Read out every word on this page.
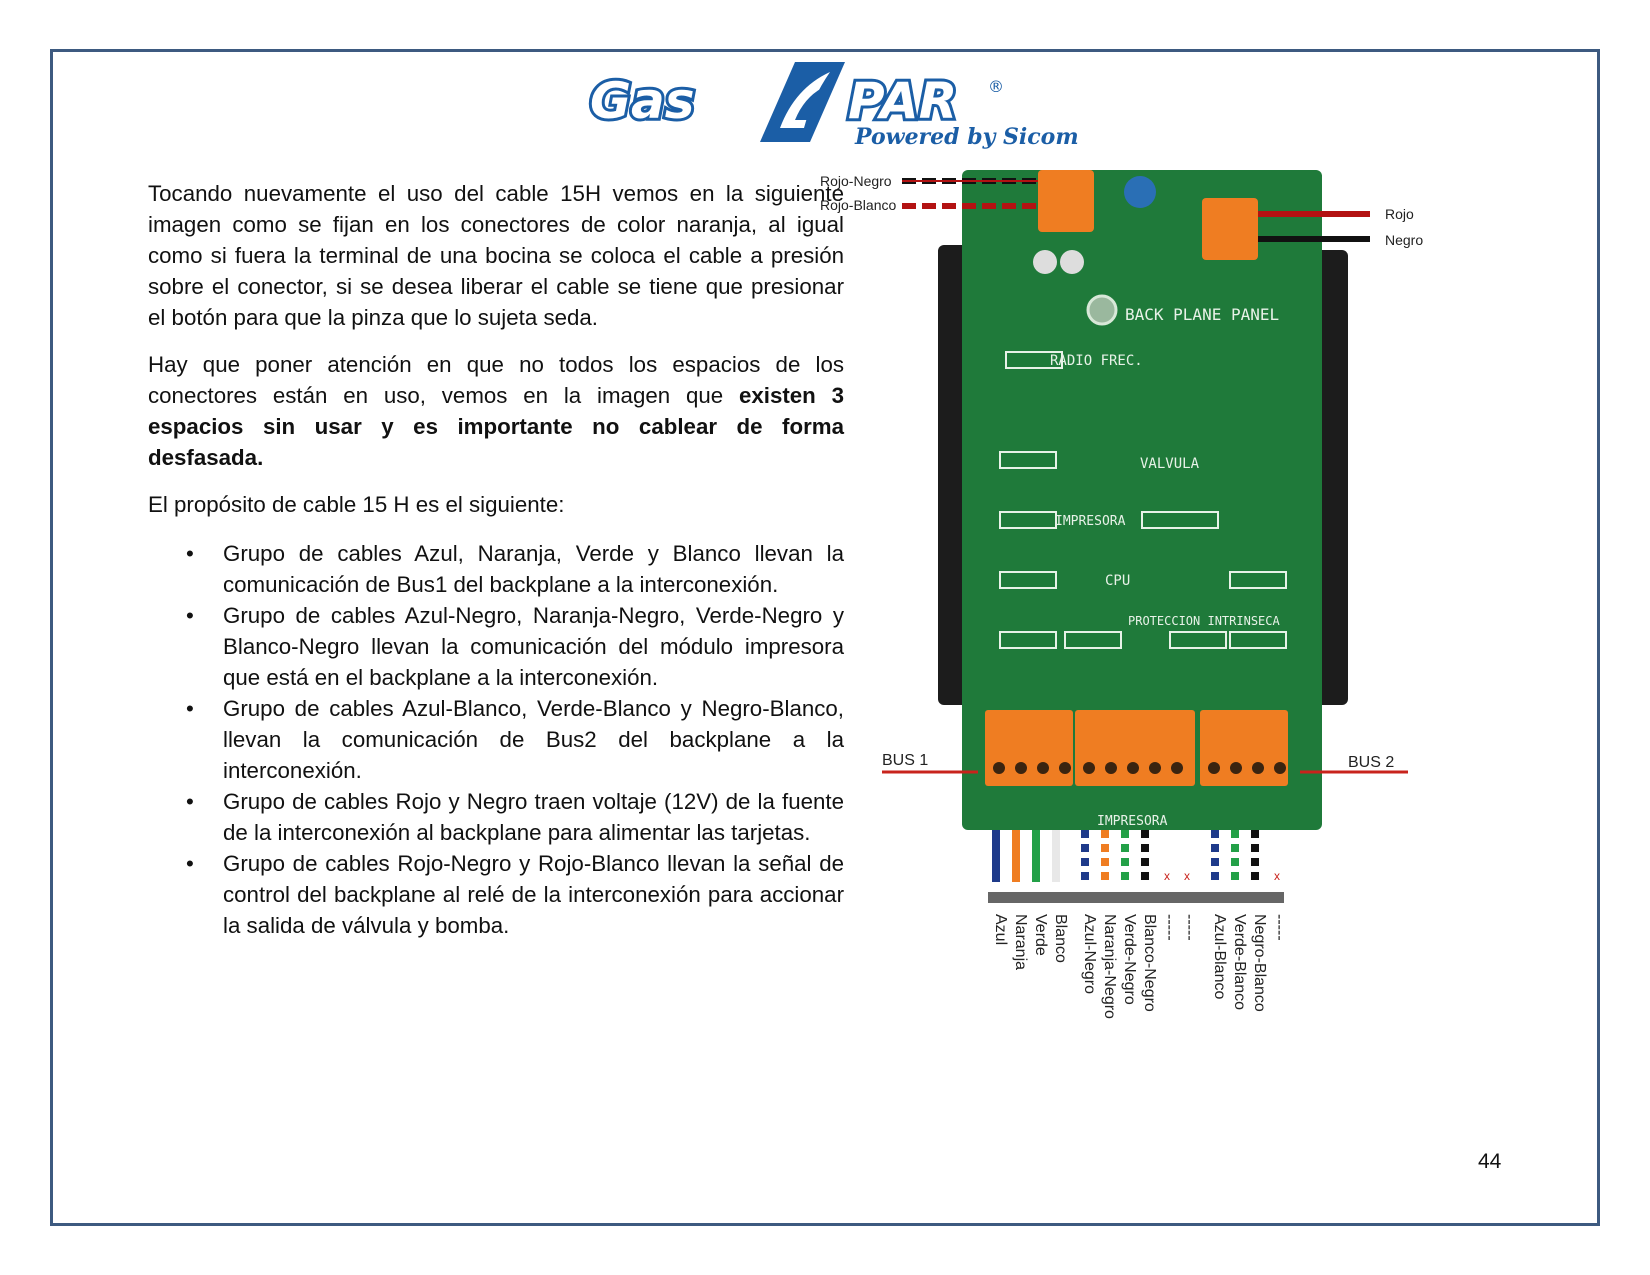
Gas	PAR ®
Powered by Sicom

Tocando nuevamente el uso del cable 15H vemos en la siguiente imagen como se fijan en los conectores de color naranja, al igual como si fuera la terminal de una bocina se coloca el cable a presión sobre el conector, si se desea liberar el cable se tiene que presionar el botón para que la pinza que lo sujeta seda.

Hay que poner atención en que no todos los espacios de los conectores están en uso, vemos en la imagen que existen 3 espacios sin usar y es importante no cablear de forma desfasada.

El propósito de cable 15 H es el siguiente:

• Grupo de cables Azul, Naranja, Verde y Blanco llevan la comunicación de Bus1 del backplane a la interconexión.
• Grupo de cables Azul-Negro, Naranja-Negro, Verde-Negro y Blanco-Negro llevan la comunicación del módulo impresora que está en el backplane a la interconexión.
• Grupo de cables Azul-Blanco, Verde-Blanco y Negro-Blanco, llevan la comunicación de Bus2 del backplane a la interconexión.
• Grupo de cables Rojo y Negro traen voltaje (12V) de la fuente de la interconexión al backplane para alimentar las tarjetas.
• Grupo de cables Rojo-Negro y Rojo-Blanco llevan la señal de control del backplane al relé de la interconexión para accionar la salida de válvula y bomba.
Rojo-Negro
Rojo-Blanco
Rojo
Negro
BACK PLANE PANEL
RADIO FREC.
VALVULA
IMPRESORA
CPU
PROTECCION INTRINSECA
IMPRESORA
BUS 1	BUS 2
x x	x
Azul Naranja Verde Blanco Azul-Negro Naranja-Negro Verde-Negro Blanco-Negro ----- ----- Azul-Blanco Verde-Blanco Negro-Blanco -----
44
